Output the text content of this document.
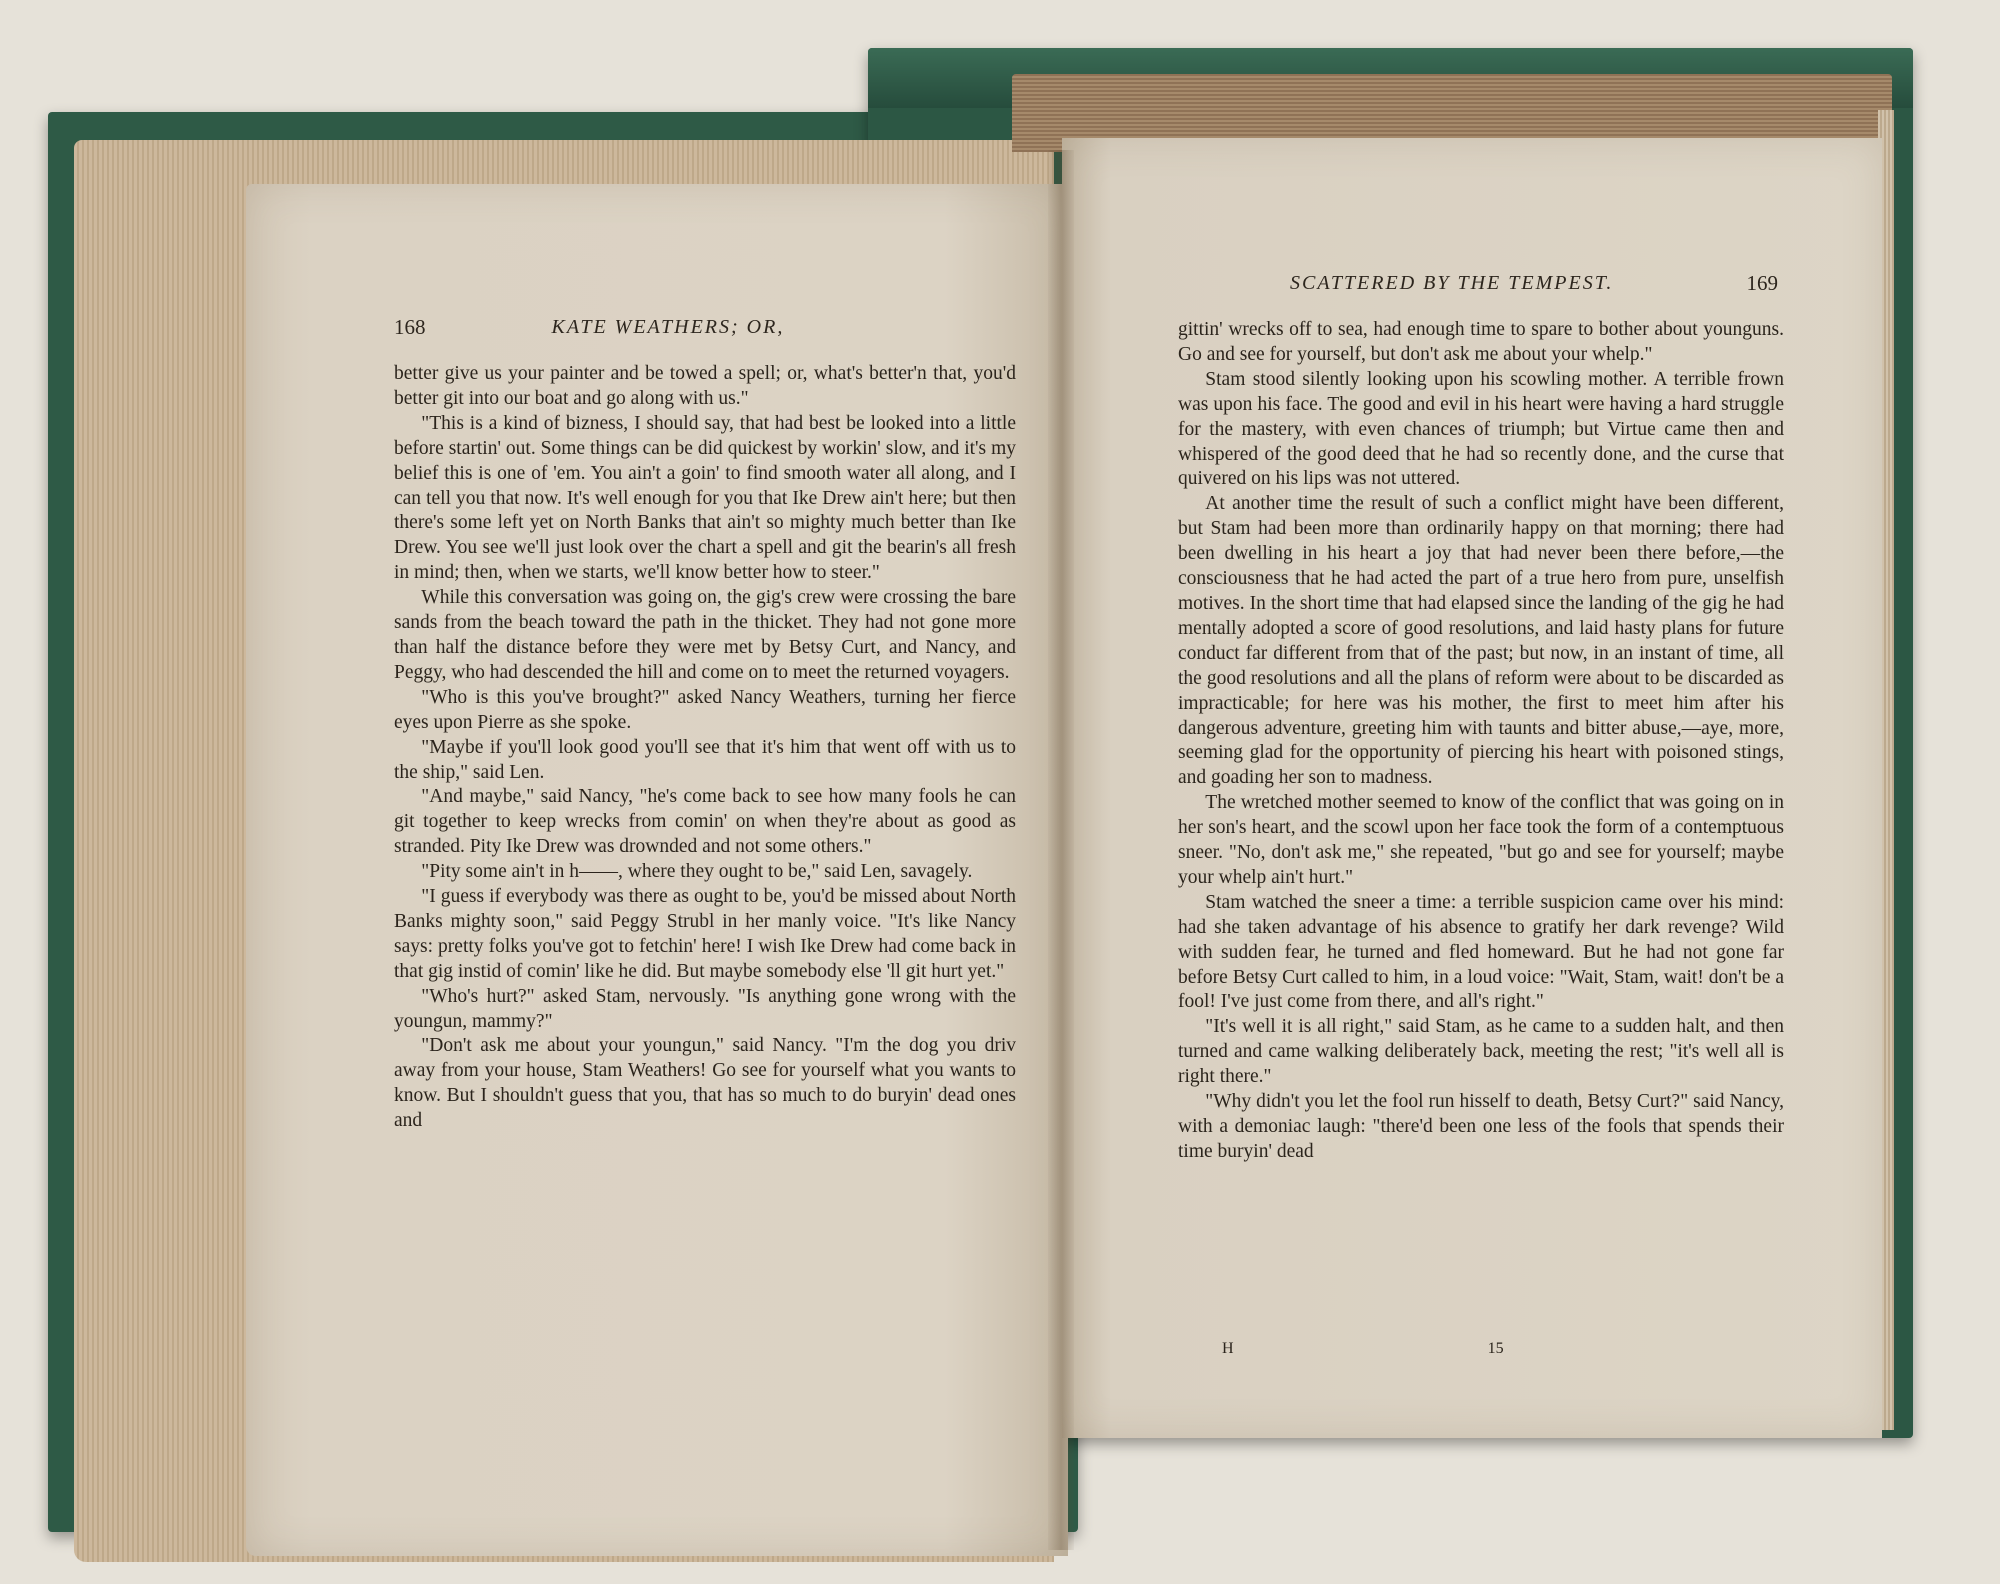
168	KATE WEATHERS; OR,

better give us your painter and be towed a spell; or, what's better'n that, you'd better git into our boat and go along with us."

"This is a kind of bizness, I should say, that had best be looked into a little before startin' out. Some things can be did quickest by workin' slow, and it's my belief this is one of 'em. You ain't a goin' to find smooth water all along, and I can tell you that now. It's well enough for you that Ike Drew ain't here; but then there's some left yet on North Banks that ain't so mighty much better than Ike Drew. You see we'll just look over the chart a spell and git the bearin's all fresh in mind; then, when we starts, we'll know better how to steer."

While this conversation was going on, the gig's crew were crossing the bare sands from the beach toward the path in the thicket. They had not gone more than half the distance before they were met by Betsy Curt, and Nancy, and Peggy, who had descended the hill and come on to meet the returned voyagers.

"Who is this you've brought?" asked Nancy Weathers, turning her fierce eyes upon Pierre as she spoke.

"Maybe if you'll look good you'll see that it's him that went off with us to the ship," said Len.

"And maybe," said Nancy, "he's come back to see how many fools he can git together to keep wrecks from comin' on when they're about as good as stranded. Pity Ike Drew was drownded and not some others."

"Pity some ain't in h——, where they ought to be," said Len, savagely.

"I guess if everybody was there as ought to be, you'd be missed about North Banks mighty soon," said Peggy Strubl in her manly voice. "It's like Nancy says: pretty folks you've got to fetchin' here! I wish Ike Drew had come back in that gig instid of comin' like he did. But maybe somebody else 'll git hurt yet."

"Who's hurt?" asked Stam, nervously. "Is anything gone wrong with the youngun, mammy?"

"Don't ask me about your youngun," said Nancy. "I'm the dog you driv away from your house, Stam Weathers! Go see for yourself what you wants to know. But I shouldn't guess that you, that has so much to do buryin' dead ones and

SCATTERED BY THE TEMPEST.	169

gittin' wrecks off to sea, had enough time to spare to bother about younguns. Go and see for yourself, but don't ask me about your whelp."

Stam stood silently looking upon his scowling mother. A terrible frown was upon his face. The good and evil in his heart were having a hard struggle for the mastery, with even chances of triumph; but Virtue came then and whispered of the good deed that he had so recently done, and the curse that quivered on his lips was not uttered.

At another time the result of such a conflict might have been different, but Stam had been more than ordinarily happy on that morning; there had been dwelling in his heart a joy that had never been there before,—the consciousness that he had acted the part of a true hero from pure, unselfish motives. In the short time that had elapsed since the landing of the gig he had mentally adopted a score of good resolutions, and laid hasty plans for future conduct far different from that of the past; but now, in an instant of time, all the good resolutions and all the plans of reform were about to be discarded as impracticable; for here was his mother, the first to meet him after his dangerous adventure, greeting him with taunts and bitter abuse,—aye, more, seeming glad for the opportunity of piercing his heart with poisoned stings, and goading her son to madness.

The wretched mother seemed to know of the conflict that was going on in her son's heart, and the scowl upon her face took the form of a contemptuous sneer. "No, don't ask me," she repeated, "but go and see for yourself; maybe your whelp ain't hurt."

Stam watched the sneer a time: a terrible suspicion came over his mind: had she taken advantage of his absence to gratify her dark revenge? Wild with sudden fear, he turned and fled homeward. But he had not gone far before Betsy Curt called to him, in a loud voice: "Wait, Stam, wait! don't be a fool! I've just come from there, and all's right."

"It's well it is all right," said Stam, as he came to a sudden halt, and then turned and came walking deliberately back, meeting the rest; "it's well all is right there."

"Why didn't you let the fool run hisself to death, Betsy Curt?" said Nancy, with a demoniac laugh: "there'd been one less of the fools that spends their time buryin' dead

H	15
